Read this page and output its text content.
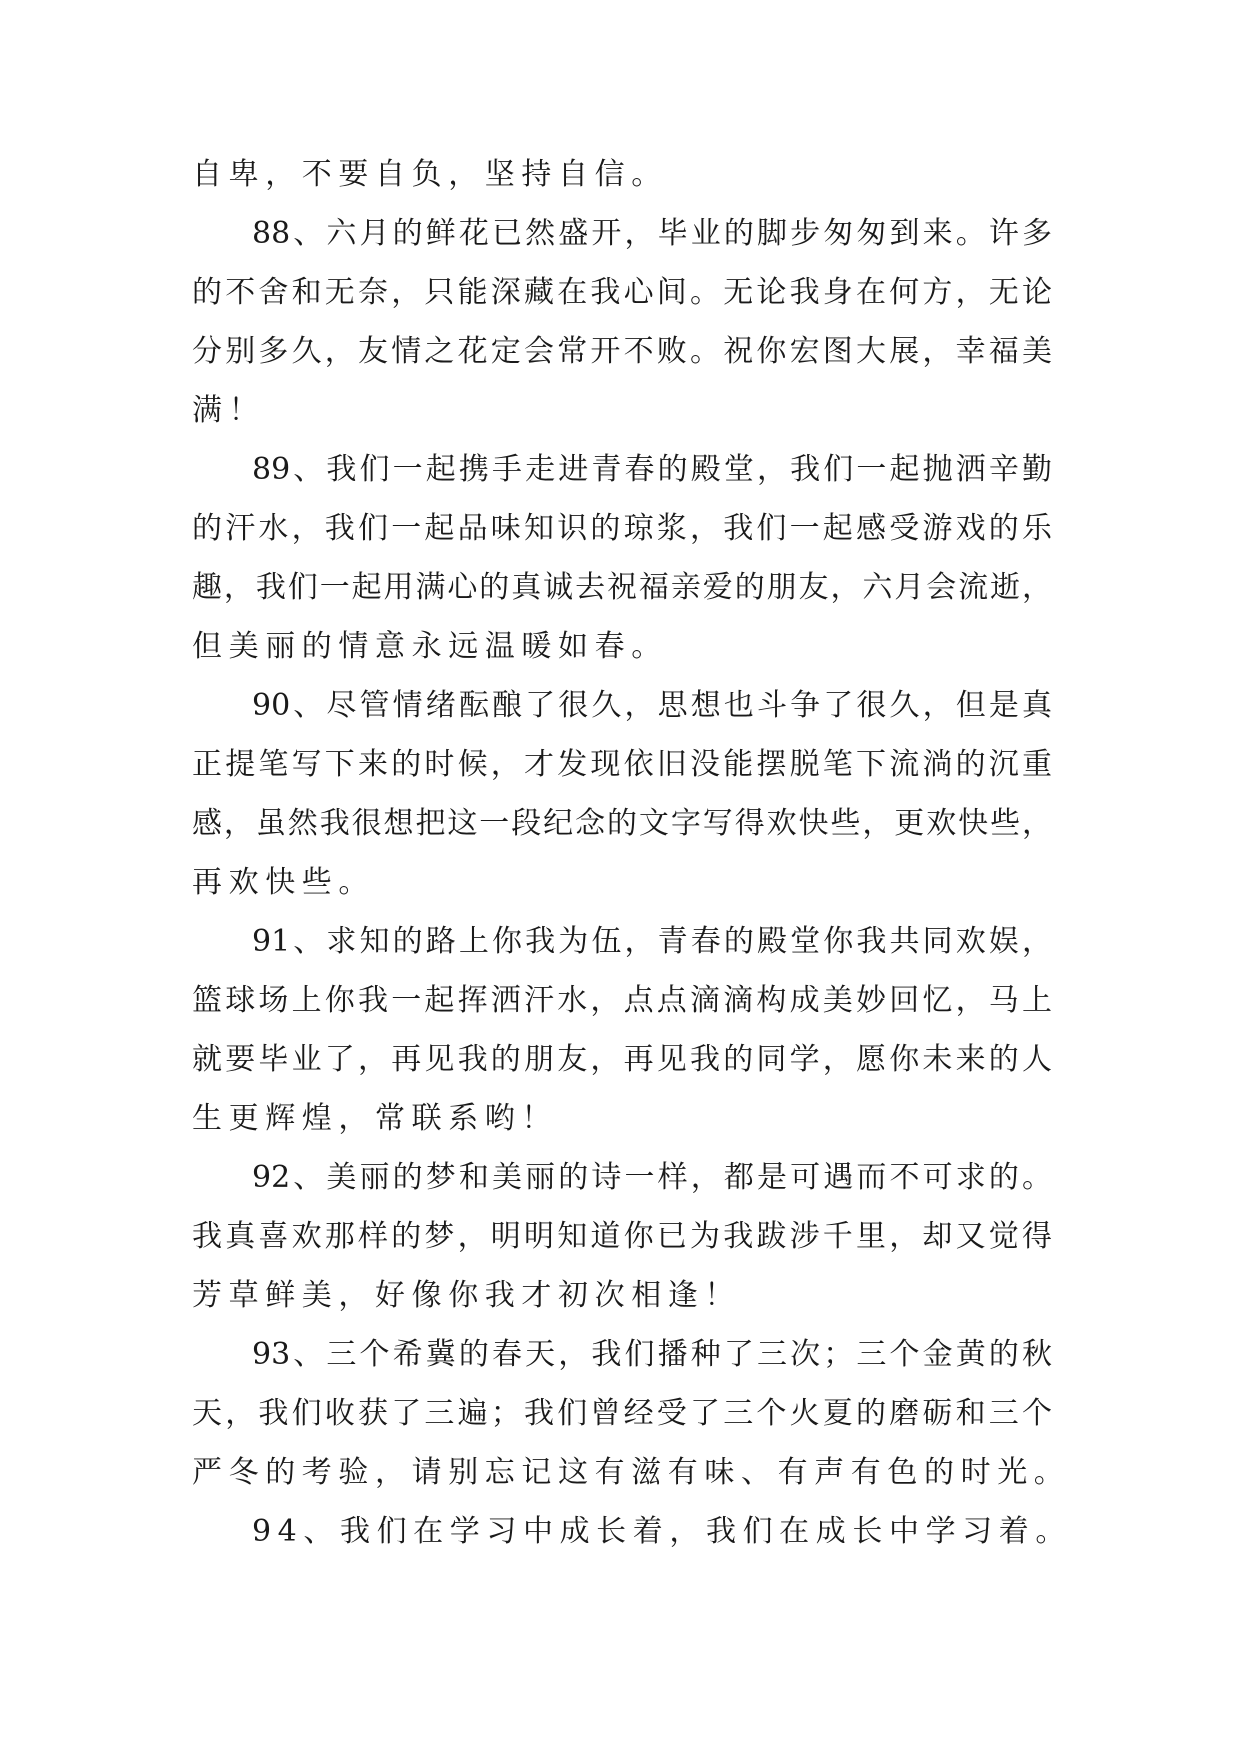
自卑，不要自负，坚持自信。
88、六月的鲜花已然盛开，毕业的脚步匆匆到来。许多
的不舍和无奈，只能深藏在我心间。无论我身在何方，无论
分别多久，友情之花定会常开不败。祝你宏图大展，幸福美
满！
89、我们一起携手走进青春的殿堂，我们一起抛洒辛勤
的汗水，我们一起品味知识的琼浆，我们一起感受游戏的乐
趣，我们一起用满心的真诚去祝福亲爱的朋友，六月会流逝，
但美丽的情意永远温暖如春。
90、尽管情绪酝酿了很久，思想也斗争了很久，但是真
正提笔写下来的时候，才发现依旧没能摆脱笔下流淌的沉重
感，虽然我很想把这一段纪念的文字写得欢快些，更欢快些，
再欢快些。
91、求知的路上你我为伍，青春的殿堂你我共同欢娱，
篮球场上你我一起挥洒汗水，点点滴滴构成美妙回忆，马上
就要毕业了，再见我的朋友，再见我的同学，愿你未来的人
生更辉煌，常联系哟！
92、美丽的梦和美丽的诗一样，都是可遇而不可求的。
我真喜欢那样的梦，明明知道你已为我跋涉千里，却又觉得
芳草鲜美，好像你我才初次相逢！
93、三个希冀的春天，我们播种了三次；三个金黄的秋
天，我们收获了三遍；我们曾经受了三个火夏的磨砺和三个
严冬的考验，请别忘记这有滋有味、有声有色的时光。
94、我们在学习中成长着，我们在成长中学习着。
